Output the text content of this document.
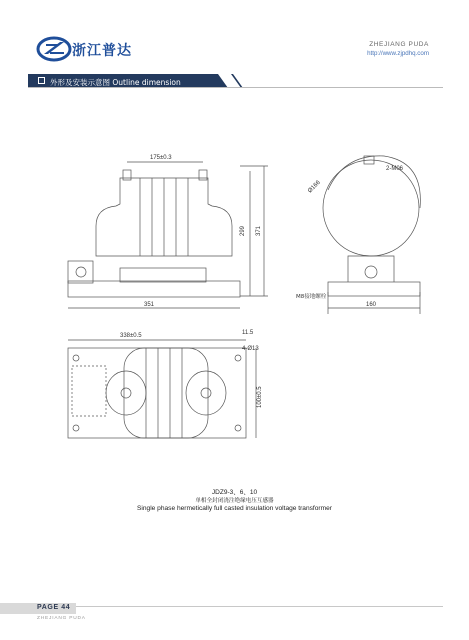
浙江普达	ZHEJIANG PUDA
http://www.zjpdhq.com
外形及安装示意图 Outline dimension
175±0.3
299 371
351
Ø166
2-M06
M8接地螺栓
160
338±0.5	11.5
4-Ø13
100±0.5
JDZ9-3、6、10
单相全封闭浇注绝缘电压互感器
Single phase hermetically full casted insulation voltage transformer
PAGE 44
ZHEJIANG PUDA
